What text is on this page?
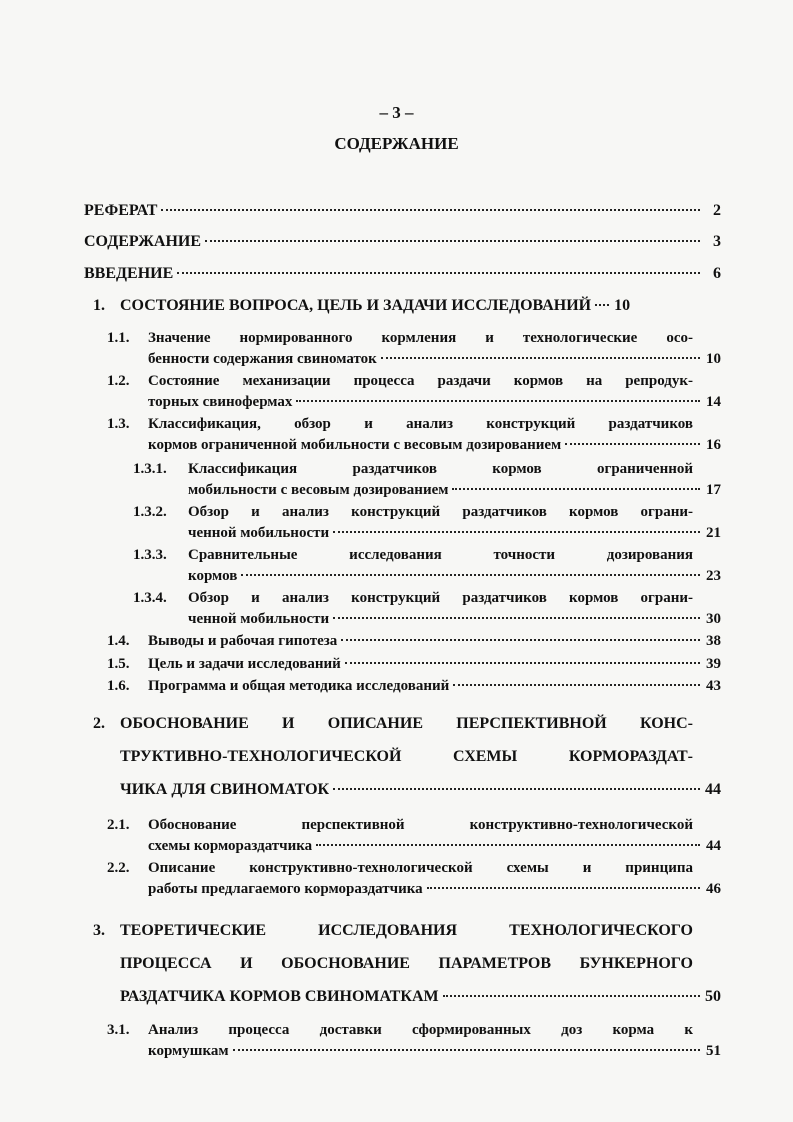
– 3 –
СОДЕРЖАНИЕ
РЕФЕРАТ	2
СОДЕРЖАНИЕ	3
ВВЕДЕНИЕ	6
1. СОСТОЯНИЕ ВОПРОСА, ЦЕЛЬ И ЗАДАЧИ ИССЛЕДОВАНИЙ 10
1.1. Значение нормированного кормления и технологические осо-
бенности содержания свиноматок	10
1.2. Состояние механизации процесса раздачи кормов на репродук-
торных свинофермах	14
1.3. Классификация, обзор и анализ конструкций раздатчиков
кормов ограниченной мобильности с весовым дозированием	16
1.3.1. Классификация раздатчиков кормов ограниченной
мобильности с весовым дозированием	17
1.3.2. Обзор и анализ конструкций раздатчиков кормов ограни-
ченной мобильности	21
1.3.3. Сравнительные исследования точности дозирования
кормов	23
1.3.4. Обзор и анализ конструкций раздатчиков кормов ограни-
ченной мобильности	30
1.4. Выводы и рабочая гипотеза	38
1.5. Цель и задачи исследований	39
1.6. Программа и общая методика исследований	43
2. ОБОСНОВАНИЕ И ОПИСАНИЕ ПЕРСПЕКТИВНОЙ КОНС-
ТРУКТИВНО-ТЕХНОЛОГИЧЕСКОЙ СХЕМЫ КОРМОРАЗДАТ-
ЧИКА ДЛЯ СВИНОМАТОК	44
2.1. Обоснование перспективной конструктивно-технологической
схемы кормораздатчика	44
2.2. Описание конструктивно-технологической схемы и принципа
работы предлагаемого кормораздатчика	46
3. ТЕОРЕТИЧЕСКИЕ ИССЛЕДОВАНИЯ ТЕХНОЛОГИЧЕСКОГО
ПРОЦЕССА И ОБОСНОВАНИЕ ПАРАМЕТРОВ БУНКЕРНОГО
РАЗДАТЧИКА КОРМОВ СВИНОМАТКАМ	50
3.1. Анализ процесса доставки сформированных доз корма к
кормушкам	51
